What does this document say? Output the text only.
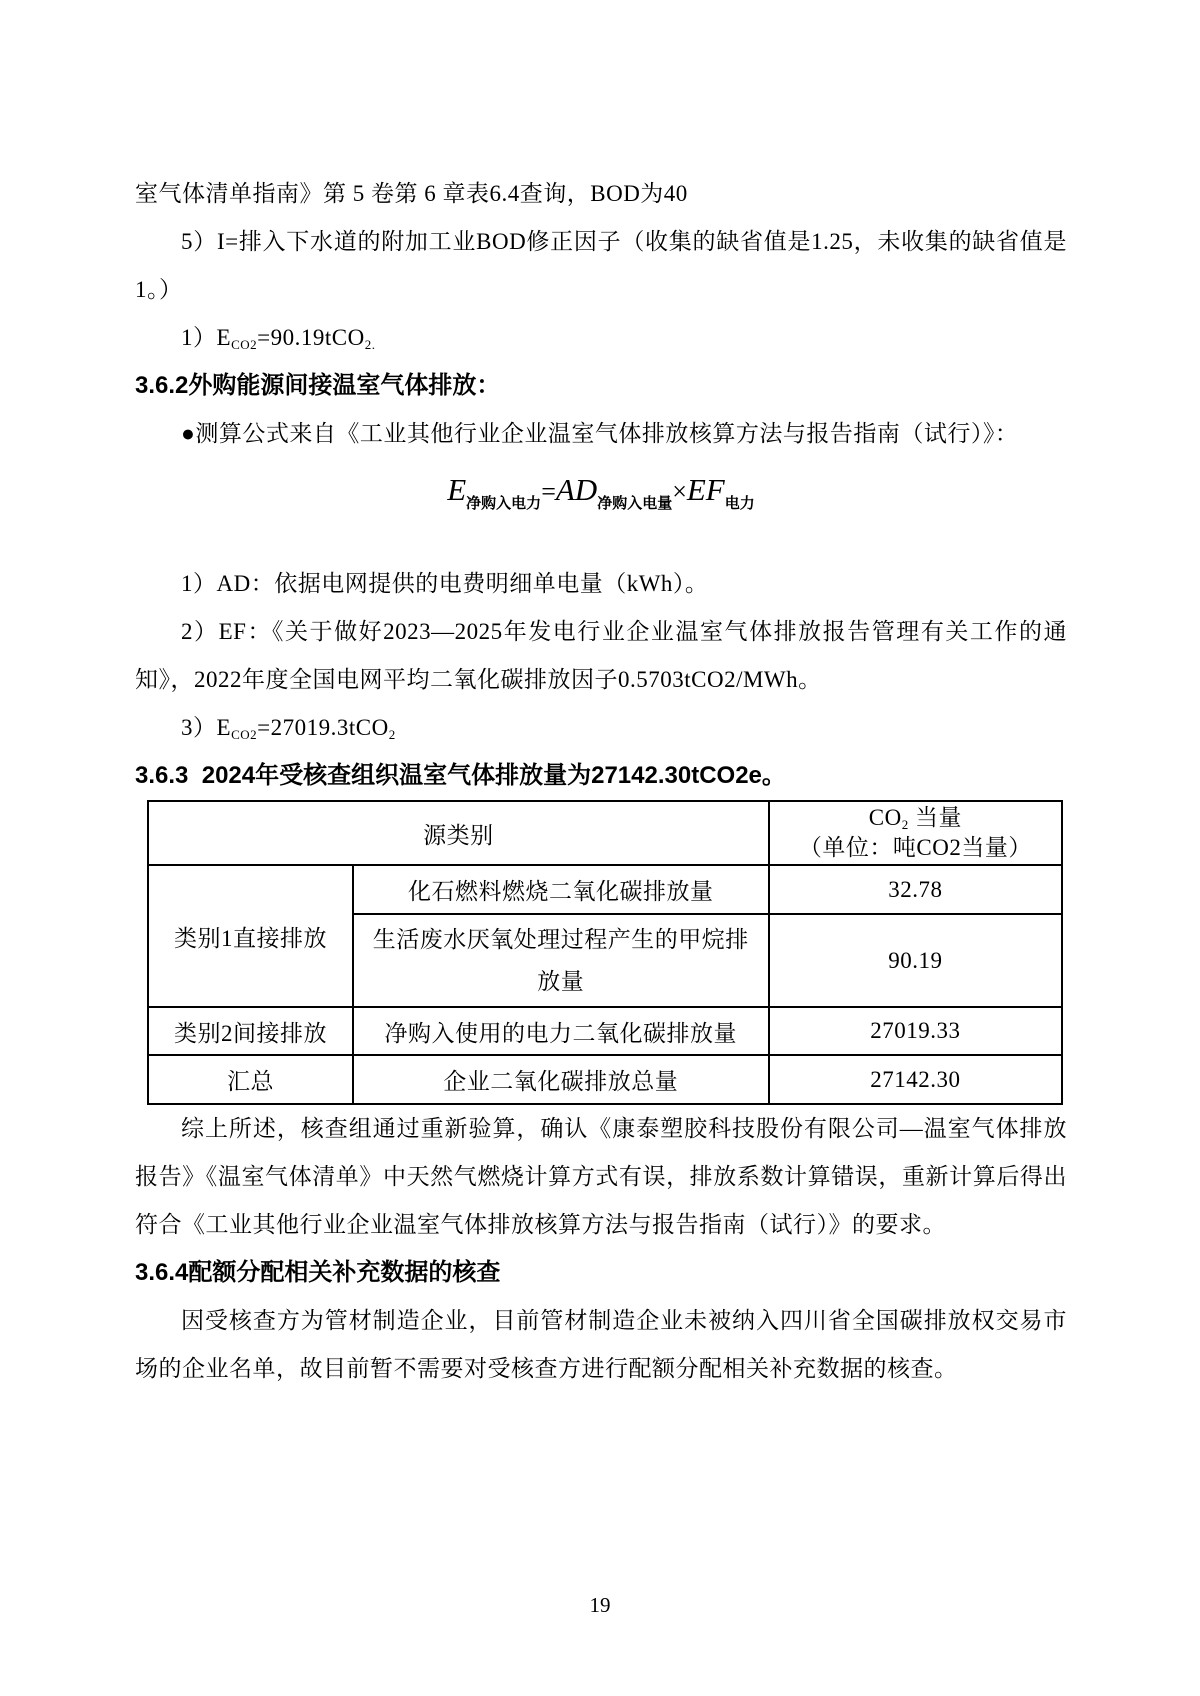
室气体清单指南》第 5 卷第 6 章表6.4查询，BOD为40

5）I=排入下水道的附加工业BOD修正因子（收集的缺省值是1.25，未收集的缺省值是1。）

$1)E_{CO2}=90.19tCO_{2.}$

3.6.2外购能源间接温室气体排放：

●测算公式来自《工业其他行业企业温室气体排放核算方法与报告指南（试行）》：

$E_{净购入电力}=AD_{净购入电量}\times EF_{电力}$

1）AD：依据电网提供的电费明细单电量（kWh）。

2）EF：《关于做好2023—2025年发电行业企业温室气体排放报告管理有关工作的通知》，2022年度全国电网平均二氧化碳排放因子0.5703tCO2/MWh。

$3)E_{CO2}=27019.3tCO_2$

3.6.3  2024年受核查组织温室气体排放量为27142.30tCO2e。

源类别		$CO_2$ 当量
（单位：吨CO2当量）
类别1直接排放	化石燃料燃烧二氧化碳排放量	32.78
	生活废水厌氧处理过程产生的甲烷排放量	90.19
类别2间接排放	净购入使用的电力二氧化碳排放量	27019.33
汇总	企业二氧化碳排放总量	27142.30

综上所述，核查组通过重新验算，确认《康泰塑胶科技股份有限公司—温室气体排放报告》《温室气体清单》中天然气燃烧计算方式有误，排放系数计算错误，重新计算后得出符合《工业其他行业企业温室气体排放核算方法与报告指南（试行）》的要求。

3.6.4配额分配相关补充数据的核查

因受核查方为管材制造企业，目前管材制造企业未被纳入四川省全国碳排放权交易市场的企业名单，故目前暂不需要对受核查方进行配额分配相关补充数据的核查。

19
